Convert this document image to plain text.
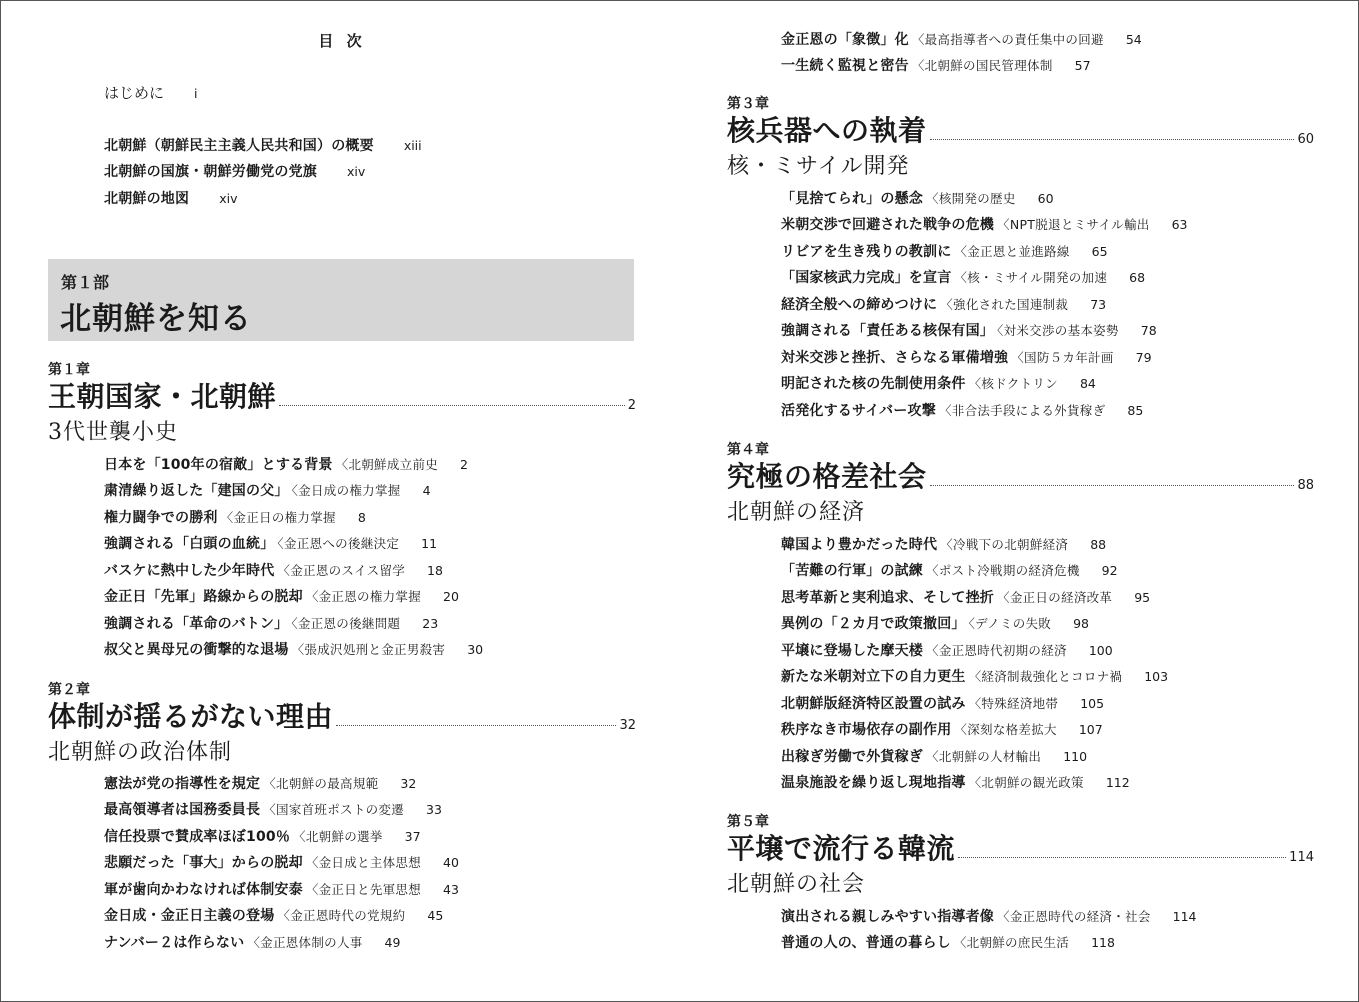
目 次
はじめに i
北朝鮮（朝鮮民主主義人民共和国）の概要 xiii
北朝鮮の国旗・朝鮮労働党の党旗 xiv
北朝鮮の地図 xiv
第１部
北朝鮮を知る
第１章
王朝国家・北朝鮮	2
3代世襲小史
日本を「100年の宿敵」とする背景 〈 北朝鮮成立前史 2
粛清繰り返した「建国の父」 〈 金日成の権力掌握 4
権力闘争での勝利 〈 金正日の権力掌握 8
強調される「白頭の血統」 〈 金正恩への後継決定 11
バスケに熱中した少年時代 〈 金正恩のスイス留学 18
金正日「先軍」路線からの脱却 〈 金正恩の権力掌握 20
強調される「革命のバトン」 〈 金正恩の後継問題 23
叔父と異母兄の衝撃的な退場 〈 張成沢処刑と金正男殺害 30
第２章
体制が揺るがない理由	32
北朝鮮の政治体制
憲法が党の指導性を規定 〈 北朝鮮の最高規範 32
最高領導者は国務委員長 〈 国家首班ポストの変遷 33
信任投票で賛成率ほぼ100％ 〈 北朝鮮の選挙 37
悲願だった「事大」からの脱却 〈 金日成と主体思想 40
軍が歯向かわなければ体制安泰 〈 金正日と先軍思想 43
金日成・金正日主義の登場 〈 金正恩時代の党規約 45
ナンバー２は作らない 〈 金正恩体制の人事 49
金正恩の「象徴」化 〈 最高指導者への責任集中の回避 54
一生続く監視と密告 〈 北朝鮮の国民管理体制 57
第３章
核兵器への執着	60
核・ミサイル開発
「見捨てられ」の懸念 〈 核開発の歴史 60
米朝交渉で回避された戦争の危機 〈 NPT脱退とミサイル輸出 63
リビアを生き残りの教訓に 〈 金正恩と並進路線 65
「国家核武力完成」を宣言 〈 核・ミサイル開発の加速 68
経済全般への締めつけに 〈 強化された国連制裁 73
強調される「責任ある核保有国」 〈 対米交渉の基本姿勢 78
対米交渉と挫折、さらなる軍備増強 〈 国防５カ年計画 79
明記された核の先制使用条件 〈 核ドクトリン 84
活発化するサイバー攻撃 〈 非合法手段による外貨稼ぎ 85
第４章
究極の格差社会	88
北朝鮮の経済
韓国より豊かだった時代 〈 冷戦下の北朝鮮経済 88
「苦難の行軍」の試練 〈 ポスト冷戦期の経済危機 92
思考革新と実利追求、そして挫折 〈 金正日の経済改革 95
異例の「２カ月で政策撤回」 〈 デノミの失敗 98
平壌に登場した摩天楼 〈 金正恩時代初期の経済 100
新たな米朝対立下の自力更生 〈 経済制裁強化とコロナ禍 103
北朝鮮版経済特区設置の試み 〈 特殊経済地帯 105
秩序なき市場依存の副作用 〈 深刻な格差拡大 107
出稼ぎ労働で外貨稼ぎ 〈 北朝鮮の人材輸出 110
温泉施設を繰り返し現地指導 〈 北朝鮮の観光政策 112
第５章
平壌で流行る韓流	114
北朝鮮の社会
演出される親しみやすい指導者像 〈 金正恩時代の経済・社会 114
普通の人の、普通の暮らし 〈 北朝鮮の庶民生活 118
